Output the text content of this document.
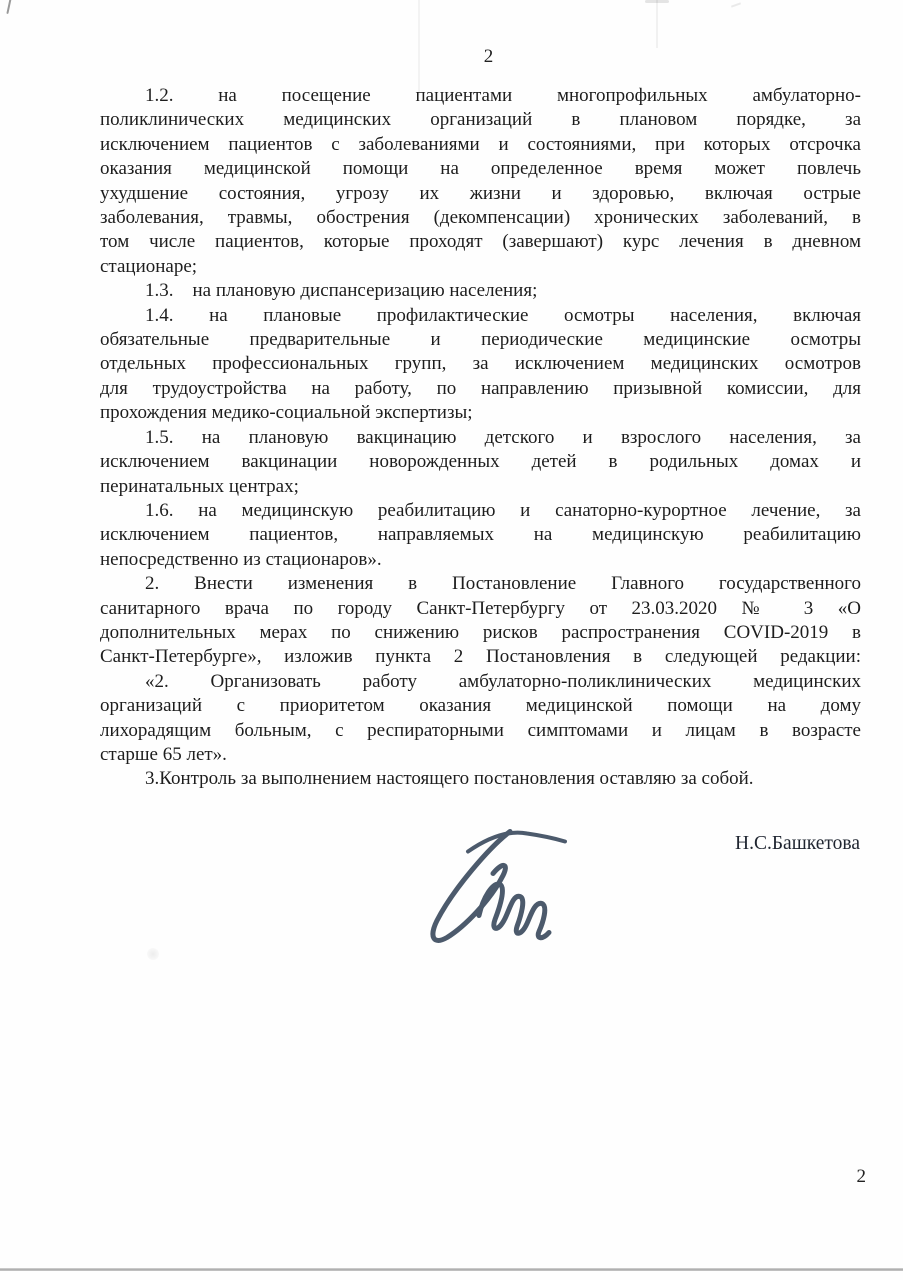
2
1.2. на посещение пациентами многопрофильных амбулаторно-
поликлинических медицинских организаций в плановом порядке, за
исключением пациентов с заболеваниями и состояниями, при которых отсрочка
оказания медицинской помощи на определенное время может повлечь
ухудшение состояния, угрозу их жизни и здоровью, включая острые
заболевания, травмы, обострения (декомпенсации) хронических заболеваний, в
том числе пациентов, которые проходят (завершают) курс лечения в дневном
стационаре;
1.3.    на плановую диспансеризацию населения;
1.4. на плановые профилактические осмотры населения, включая
обязательные предварительные и периодические медицинские осмотры
отдельных профессиональных групп, за исключением медицинских осмотров
для трудоустройства на работу, по направлению призывной комиссии, для
прохождения медико-социальной экспертизы;
1.5. на плановую вакцинацию детского и взрослого населения, за
исключением вакцинации новорожденных детей в родильных домах и
перинатальных центрах;
1.6. на медицинскую реабилитацию и санаторно-курортное лечение, за
исключением пациентов, направляемых на медицинскую реабилитацию
непосредственно из стационаров».
2. Внести изменения в Постановление Главного государственного
санитарного врача по городу Санкт-Петербургу от 23.03.2020 № 3 «О
дополнительных мерах по снижению рисков распространения COVID-2019 в
Санкт-Петербурге», изложив пункта 2 Постановления в следующей редакции:
«2. Организовать работу амбулаторно-поликлинических медицинских
организаций с приоритетом оказания медицинской помощи на дому
лихорадящим больным, с респираторными симптомами и лицам в возрасте
старше 65 лет».
3.Контроль за выполнением настоящего постановления оставляю за собой.
Н.С.Башкетова
2
